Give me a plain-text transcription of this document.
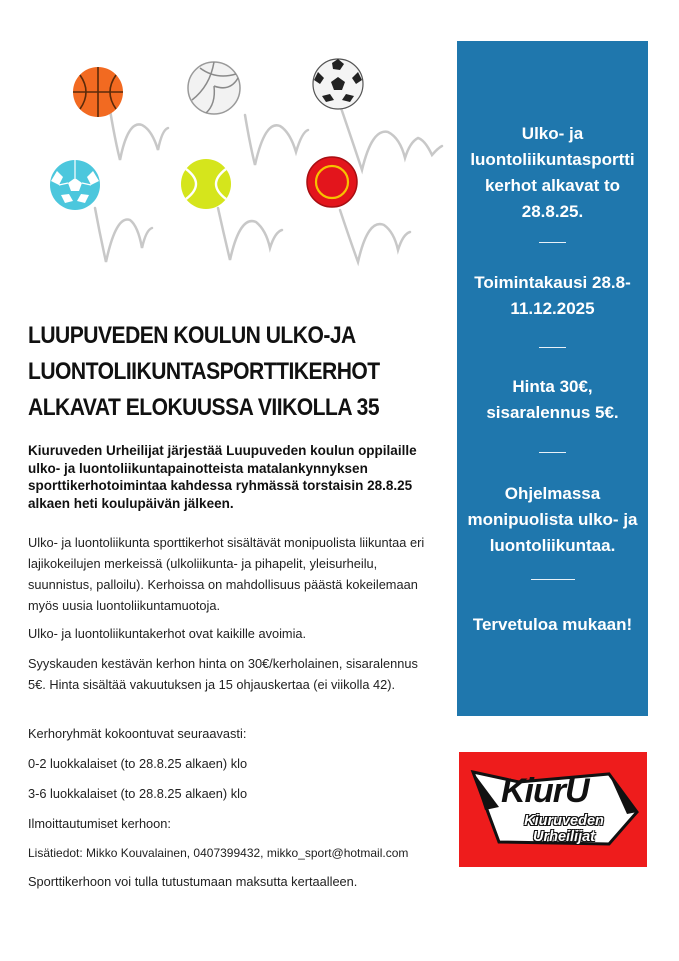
LUUPUVEDEN KOULUN ULKO-JA
LUONTOLIIKUNTASPORTTIKERHOT
ALKAVAT ELOKUUSSA VIIKOLLA 35
Kiuruveden Urheilijat järjestää Luupuveden koulun oppilaille ulko- ja luontoliikuntapainotteista matalankynnyksen sporttikerhotoimintaa kahdessa ryhmässä torstaisin 28.8.25 alkaen heti koulupäivän jälkeen.
Ulko- ja luontoliikunta sporttikerhot sisältävät monipuolista liikuntaa eri lajikokeilujen merkeissä (ulkoliikunta- ja pihapelit, yleisurheilu, suunnistus, palloilu). Kerhoissa on mahdollisuus päästä kokeilemaan myös uusia luontoliikuntamuotoja.
Ulko- ja luontoliikuntakerhot ovat kaikille avoimia.
Syyskauden kestävän kerhon hinta on 30€/kerholainen, sisaralennus 5€. Hinta sisältää vakuutuksen ja 15 ohjauskertaa (ei viikolla 42).
Kerhoryhmät kokoontuvat seuraavasti:
0-2 luokkalaiset (to 28.8.25 alkaen) klo
3-6 luokkalaiset (to 28.8.25 alkaen) klo
Ilmoittautumiset kerhoon:
Lisätiedot: Mikko Kouvalainen, 0407399432, mikko_sport@hotmail.com
Sporttikerhoon voi tulla tutustumaan maksutta kertaalleen.
Ulko- ja luontoliikuntasportti kerhot alkavat to 28.8.25.
Toimintakausi 28.8-11.12.2025
Hinta 30€, sisaralennus 5€.
Ohjelmassa monipuolista ulko- ja luontoliikuntaa.
Tervetuloa mukaan!
KiurU
Kiuruveden
Urheilijat
